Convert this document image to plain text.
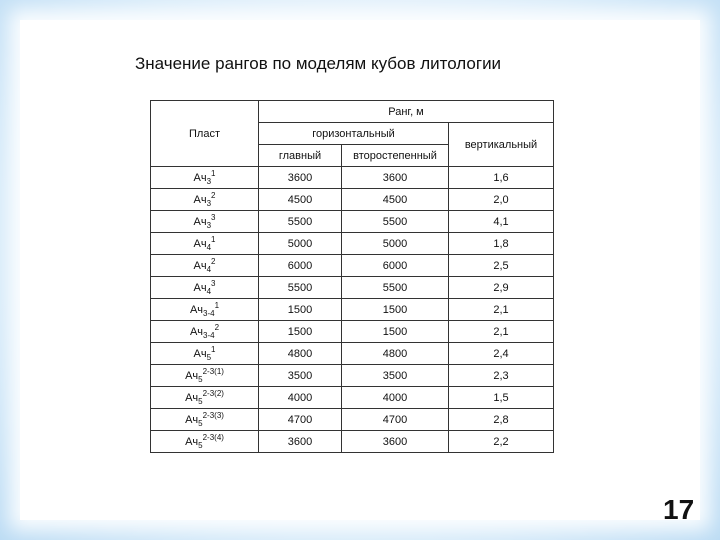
Значение рангов по моделям кубов литологии
Пласт	Ранг, м		
	горизонтальный		вертикальный
	главный	второстепенный	
$Ач_3^1$	3600	3600	1,6
$Ач_3^2$	4500	4500	2,0
$Ач_3^3$	5500	5500	4,1
$Ач_4^1$	5000	5000	1,8
$Ач_4^2$	6000	6000	2,5
$Ач_4^3$	5500	5500	2,9
$Ач_{3-4}^1$	1500	1500	2,1
$Ач_{3-4}^2$	1500	1500	2,1
$Ач_5^1$	4800	4800	2,4
$Ач_5^{2-3(1)}$	3500	3500	2,3
$Ач_5^{2-3(2)}$	4000	4000	1,5
$Ач_5^{2-3(3)}$	4700	4700	2,8
$Ач_5^{2-3(4)}$	3600	3600	2,2
17
